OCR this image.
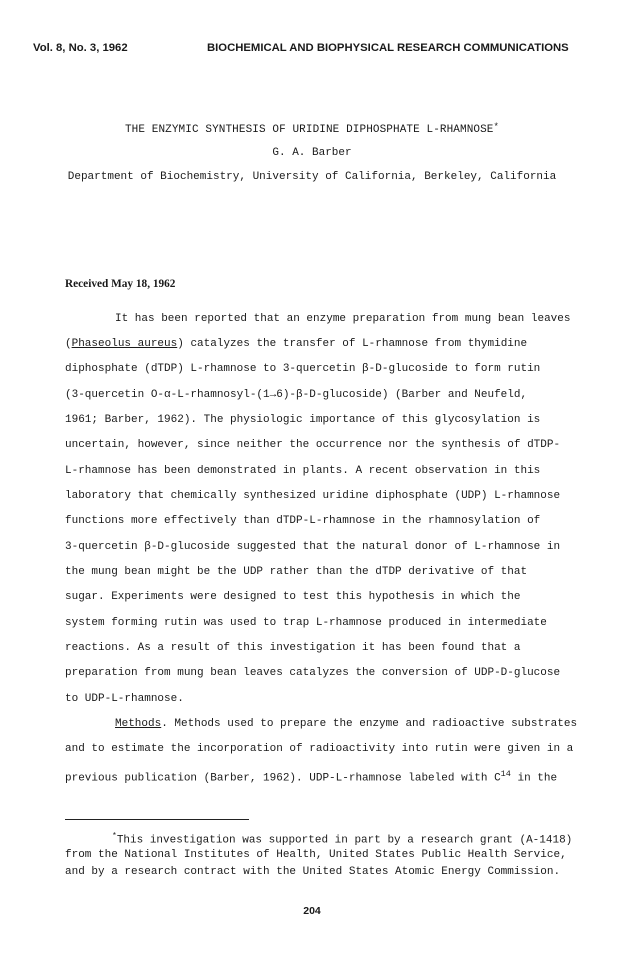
Vol. 8, No. 3, 1962	BIOCHEMICAL AND BIOPHYSICAL RESEARCH COMMUNICATIONS
THE ENZYMIC SYNTHESIS OF URIDINE DIPHOSPHATE L-RHAMNOSE*
G. A. Barber
Department of Biochemistry, University of California, Berkeley, California
Received May 18, 1962
It has been reported that an enzyme preparation from mung bean leaves
(Phaseolus aureus) catalyzes the transfer of L-rhamnose from thymidine
diphosphate (dTDP) L-rhamnose to 3-quercetin β-D-glucoside to form rutin
(3-quercetin O-α-L-rhamnosyl-(1→6)-β-D-glucoside) (Barber and Neufeld,
1961; Barber, 1962). The physiologic importance of this glycosylation is
uncertain, however, since neither the occurrence nor the synthesis of dTDP-
L-rhamnose has been demonstrated in plants. A recent observation in this
laboratory that chemically synthesized uridine diphosphate (UDP) L-rhamnose
functions more effectively than dTDP-L-rhamnose in the rhamnosylation of
3-quercetin β-D-glucoside suggested that the natural donor of L-rhamnose in
the mung bean might be the UDP rather than the dTDP derivative of that
sugar. Experiments were designed to test this hypothesis in which the
system forming rutin was used to trap L-rhamnose produced in intermediate
reactions. As a result of this investigation it has been found that a
preparation from mung bean leaves catalyzes the conversion of UDP-D-glucose
to UDP-L-rhamnose.
Methods. Methods used to prepare the enzyme and radioactive substrates
and to estimate the incorporation of radioactivity into rutin were given in a
previous publication (Barber, 1962). UDP-L-rhamnose labeled with $C^{14}$ in the
*This investigation was supported in part by a research grant (A-1418)
from the National Institutes of Health, United States Public Health Service,
and by a research contract with the United States Atomic Energy Commission.
204
